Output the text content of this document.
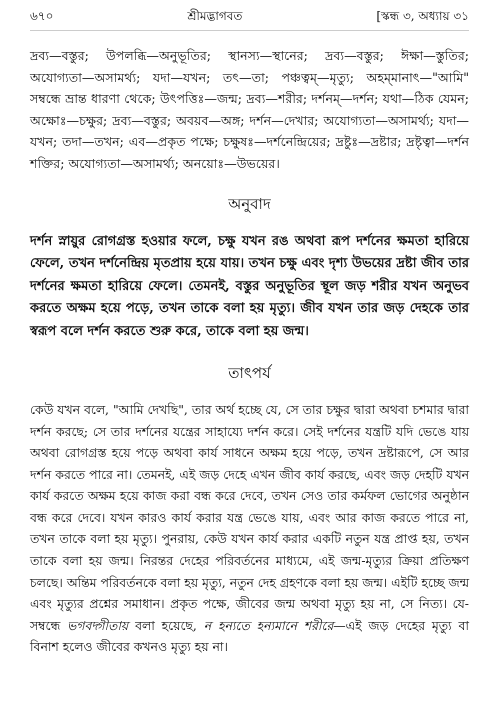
৬৭০	শ্রীমদ্ভাগবত	[স্কন্ধ ৩, অধ্যায় ৩১

দ্রব্য—বস্তুর; উপলব্ধি—অনুভূতির; স্থানস্য—স্থানের; দ্রব্য—বস্তুর; ঈক্ষা—স্তুতির; অযোগ্যতা—অসামর্থ্য; যদা—যখন; তৎ—তা; পঞ্চত্বম্—মৃত্যু; অহম্‌মানাৎ—"আমি" সম্বন্ধে ভ্রান্ত ধারণা থেকে; উৎপত্তিঃ—জন্ম; দ্রব্য—শরীর; দর্শনম্—দর্শন; যথা—ঠিক যেমন; অক্ষোঃ—চক্ষুর; দ্রব্য—বস্তুর; অবয়ব—অঙ্গ; দর্শন—দেখার; অযোগ্যতা—অসামর্থ্য; যদা—যখন; তদা—তখন; এব—প্রকৃত পক্ষে; চক্ষুষঃ—দর্শনেন্দ্রিয়ের; দ্রষ্টুঃ—দ্রষ্টার; দ্রষ্টৃত্বা—দর্শন শক্তির; অযোগ্যতা—অসামর্থ্য; অনয়োঃ—উভয়ের।

অনুবাদ

দর্শন স্নায়ুর রোগগ্রস্ত হওয়ার ফলে, চক্ষু যখন রঙ অথবা রূপ দর্শনের ক্ষমতা হারিয়ে ফেলে, তখন দর্শনেন্দ্রিয় মৃতপ্রায় হয়ে যায়। তখন চক্ষু এবং দৃশ্য উভয়ের দ্রষ্টা জীব তার দর্শনের ক্ষমতা হারিয়ে ফেলে। তেমনই, বস্তুর অনুভূতির স্থূল জড় শরীর যখন অনুভব করতে অক্ষম হয়ে পড়ে, তখন তাকে বলা হয় মৃত্যু। জীব যখন তার জড় দেহকে তার স্বরূপ বলে দর্শন করতে শুরু করে, তাকে বলা হয় জন্ম।

তাৎপর্য

কেউ যখন বলে, "আমি দেখছি", তার অর্থ হচ্ছে যে, সে তার চক্ষুর দ্বারা অথবা চশমার দ্বারা দর্শন করছে; সে তার দর্শনের যন্ত্রের সাহায্যে দর্শন করে। সেই দর্শনের যন্ত্রটি যদি ভেঙে যায় অথবা রোগগ্রস্ত হয়ে পড়ে অথবা কার্য সাধনে অক্ষম হয়ে পড়ে, তখন দ্রষ্টারূপে, সে আর দর্শন করতে পারে না। তেমনই, এই জড় দেহে এখন জীব কার্য করছে, এবং জড় দেহটি যখন কার্য করতে অক্ষম হয়ে কাজ করা বন্ধ করে দেবে, তখন সেও তার কর্মফল ভোগের অনুষ্ঠান বন্ধ করে দেবে। যখন কারও কার্য করার যন্ত্র ভেঙে যায়, এবং আর কাজ করতে পারে না, তখন তাকে বলা হয় মৃত্যু। পুনরায়, কেউ যখন কার্য করার একটি নতুন যন্ত্র প্রাপ্ত হয়, তখন তাকে বলা হয় জন্ম। নিরন্তর দেহের পরিবর্তনের মাধ্যমে, এই জন্ম-মৃত্যুর ক্রিয়া প্রতিক্ষণ চলছে। অন্তিম পরিবর্তনকে বলা হয় মৃত্যু, নতুন দেহ গ্রহণকে বলা হয় জন্ম। এইটি হচ্ছে জন্ম এবং মৃত্যুর প্রশ্নের সমাধান। প্রকৃত পক্ষে, জীবের জন্ম অথবা মৃত্যু হয় না, সে নিত্য। যে-সম্বন্ধে ভগবদ্গীতায় বলা হয়েছে, ন হন্যতে হন্যমানে শরীরে—এই জড় দেহের মৃত্যু বা বিনাশ হলেও জীবের কখনও মৃত্যু হয় না।
